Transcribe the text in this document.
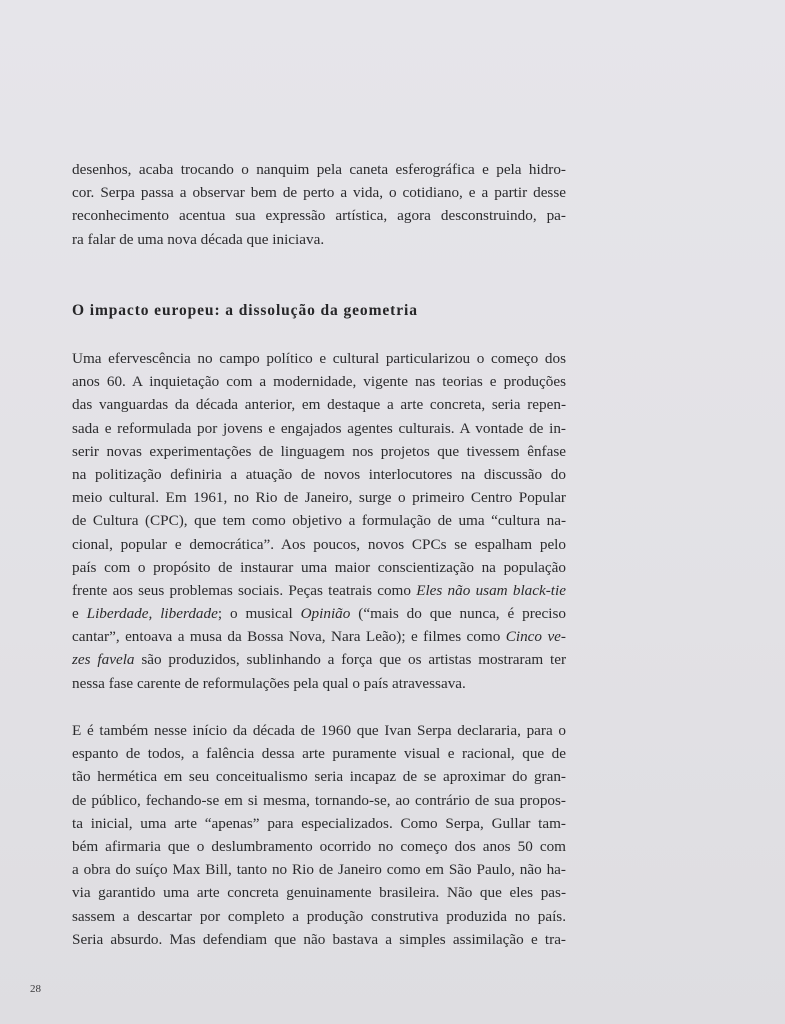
desenhos, acaba trocando o nanquim pela caneta esferográfica e pela hidro-
cor. Serpa passa a observar bem de perto a vida, o cotidiano, e a partir desse
reconhecimento acentua sua expressão artística, agora desconstruindo, pa-
ra falar de uma nova década que iniciava.
O impacto europeu: a dissolução da geometria
Uma efervescência no campo político e cultural particularizou o começo dos
anos 60. A inquietação com a modernidade, vigente nas teorias e produções
das vanguardas da década anterior, em destaque a arte concreta, seria repen-
sada e reformulada por jovens e engajados agentes culturais. A vontade de in-
serir novas experimentações de linguagem nos projetos que tivessem ênfase
na politização definiria a atuação de novos interlocutores na discussão do
meio cultural. Em 1961, no Rio de Janeiro, surge o primeiro Centro Popular
de Cultura (CPC), que tem como objetivo a formulação de uma “cultura na-
cional, popular e democrática”. Aos poucos, novos CPCs se espalham pelo
país com o propósito de instaurar uma maior conscientização na população
frente aos seus problemas sociais. Peças teatrais como Eles não usam black-tie
e Liberdade, liberdade; o musical Opinião (“mais do que nunca, é preciso
cantar”, entoava a musa da Bossa Nova, Nara Leão); e filmes como Cinco ve-
zes favela são produzidos, sublinhando a força que os artistas mostraram ter
nessa fase carente de reformulações pela qual o país atravessava.
E é também nesse início da década de 1960 que Ivan Serpa declararia, para o
espanto de todos, a falência dessa arte puramente visual e racional, que de
tão hermética em seu conceitualismo seria incapaz de se aproximar do gran-
de público, fechando-se em si mesma, tornando-se, ao contrário de sua propos-
ta inicial, uma arte “apenas” para especializados. Como Serpa, Gullar tam-
bém afirmaria que o deslumbramento ocorrido no começo dos anos 50 com
a obra do suíço Max Bill, tanto no Rio de Janeiro como em São Paulo, não ha-
via garantido uma arte concreta genuinamente brasileira. Não que eles pas-
sassem a descartar por completo a produção construtiva produzida no país.
Seria absurdo. Mas defendiam que não bastava a simples assimilação e tra-
28
